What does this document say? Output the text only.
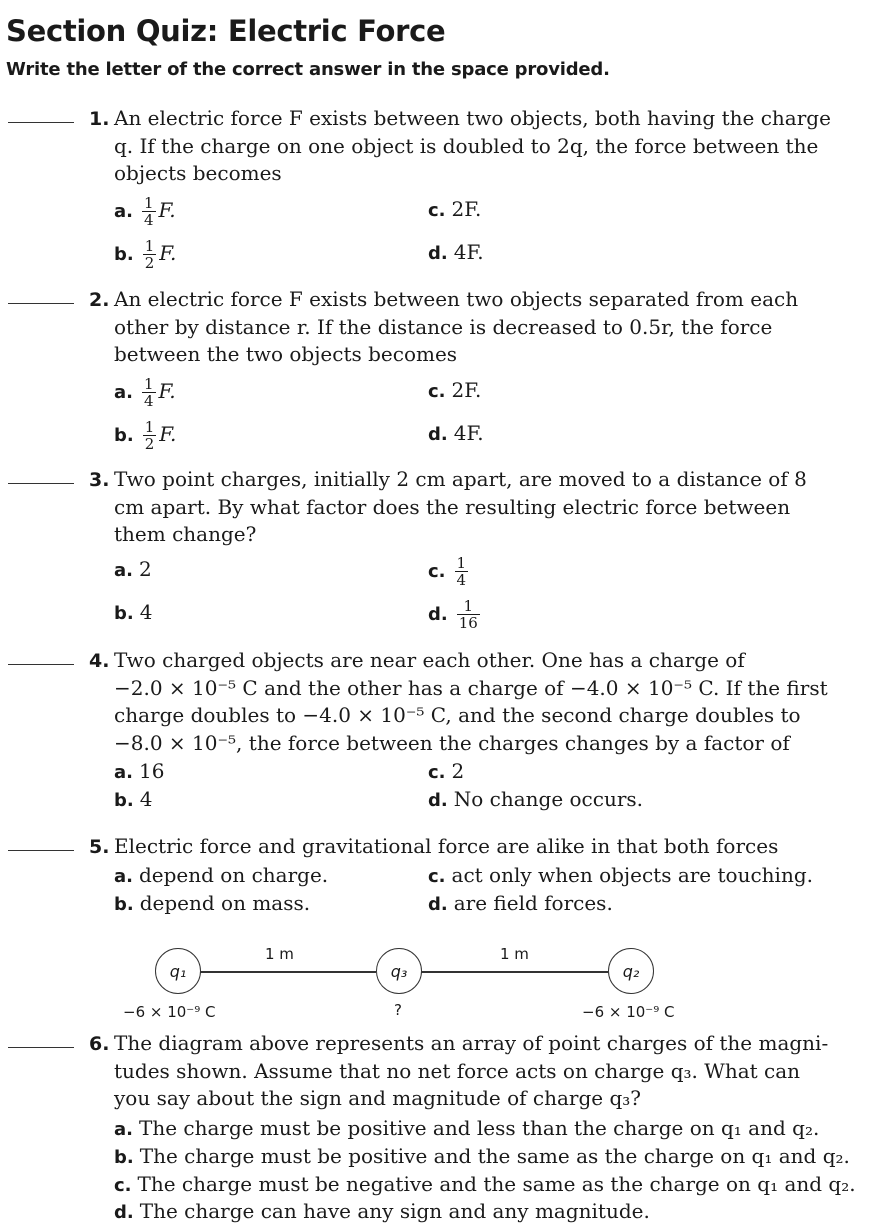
Section Quiz: Electric Force
Write the letter of the correct answer in the space provided.
1. An electric force F exists between two objects, both having the charge
q. If the charge on one object is doubled to 2q, the force between the
objects becomes
a. $\frac{1}{4} F$.	c. 2F.
b. $\frac{1}{2} F$.	d. 4F.
2. An electric force F exists between two objects separated from each
other by distance r. If the distance is decreased to 0.5r, the force
between the two objects becomes
a. $\frac{1}{4} F$.	c. 2F.
b. $\frac{1}{2} F$.	d. 4F.
3. Two point charges, initially 2 cm apart, are moved to a distance of 8
cm apart. By what factor does the resulting electric force between
them change?
a. 2	c. $\frac{1}{4}$
b. 4	d. $\frac{1}{16}$
4. Two charged objects are near each other. One has a charge of
−2.0 × 10⁻⁵ C and the other has a charge of −4.0 × 10⁻⁵ C. If the first
charge doubles to −4.0 × 10⁻⁵ C, and the second charge doubles to
−8.0 × 10⁻⁵, the force between the charges changes by a factor of
a. 16	c. 2
b. 4	d. No change occurs.
5. Electric force and gravitational force are alike in that both forces
a. depend on charge.	c. act only when objects are touching.
b. depend on mass.	d. are field forces.
q₁	q₃	q₂
1 m	1 m
−6 × 10⁻⁹ C	?	−6 × 10⁻⁹ C
6. The diagram above represents an array of point charges of the magni-
tudes shown. Assume that no net force acts on charge q₃. What can
you say about the sign and magnitude of charge q₃?
a. The charge must be positive and less than the charge on q₁ and q₂.
b. The charge must be positive and the same as the charge on q₁ and q₂.
c. The charge must be negative and the same as the charge on q₁ and q₂.
d. The charge can have any sign and any magnitude.
